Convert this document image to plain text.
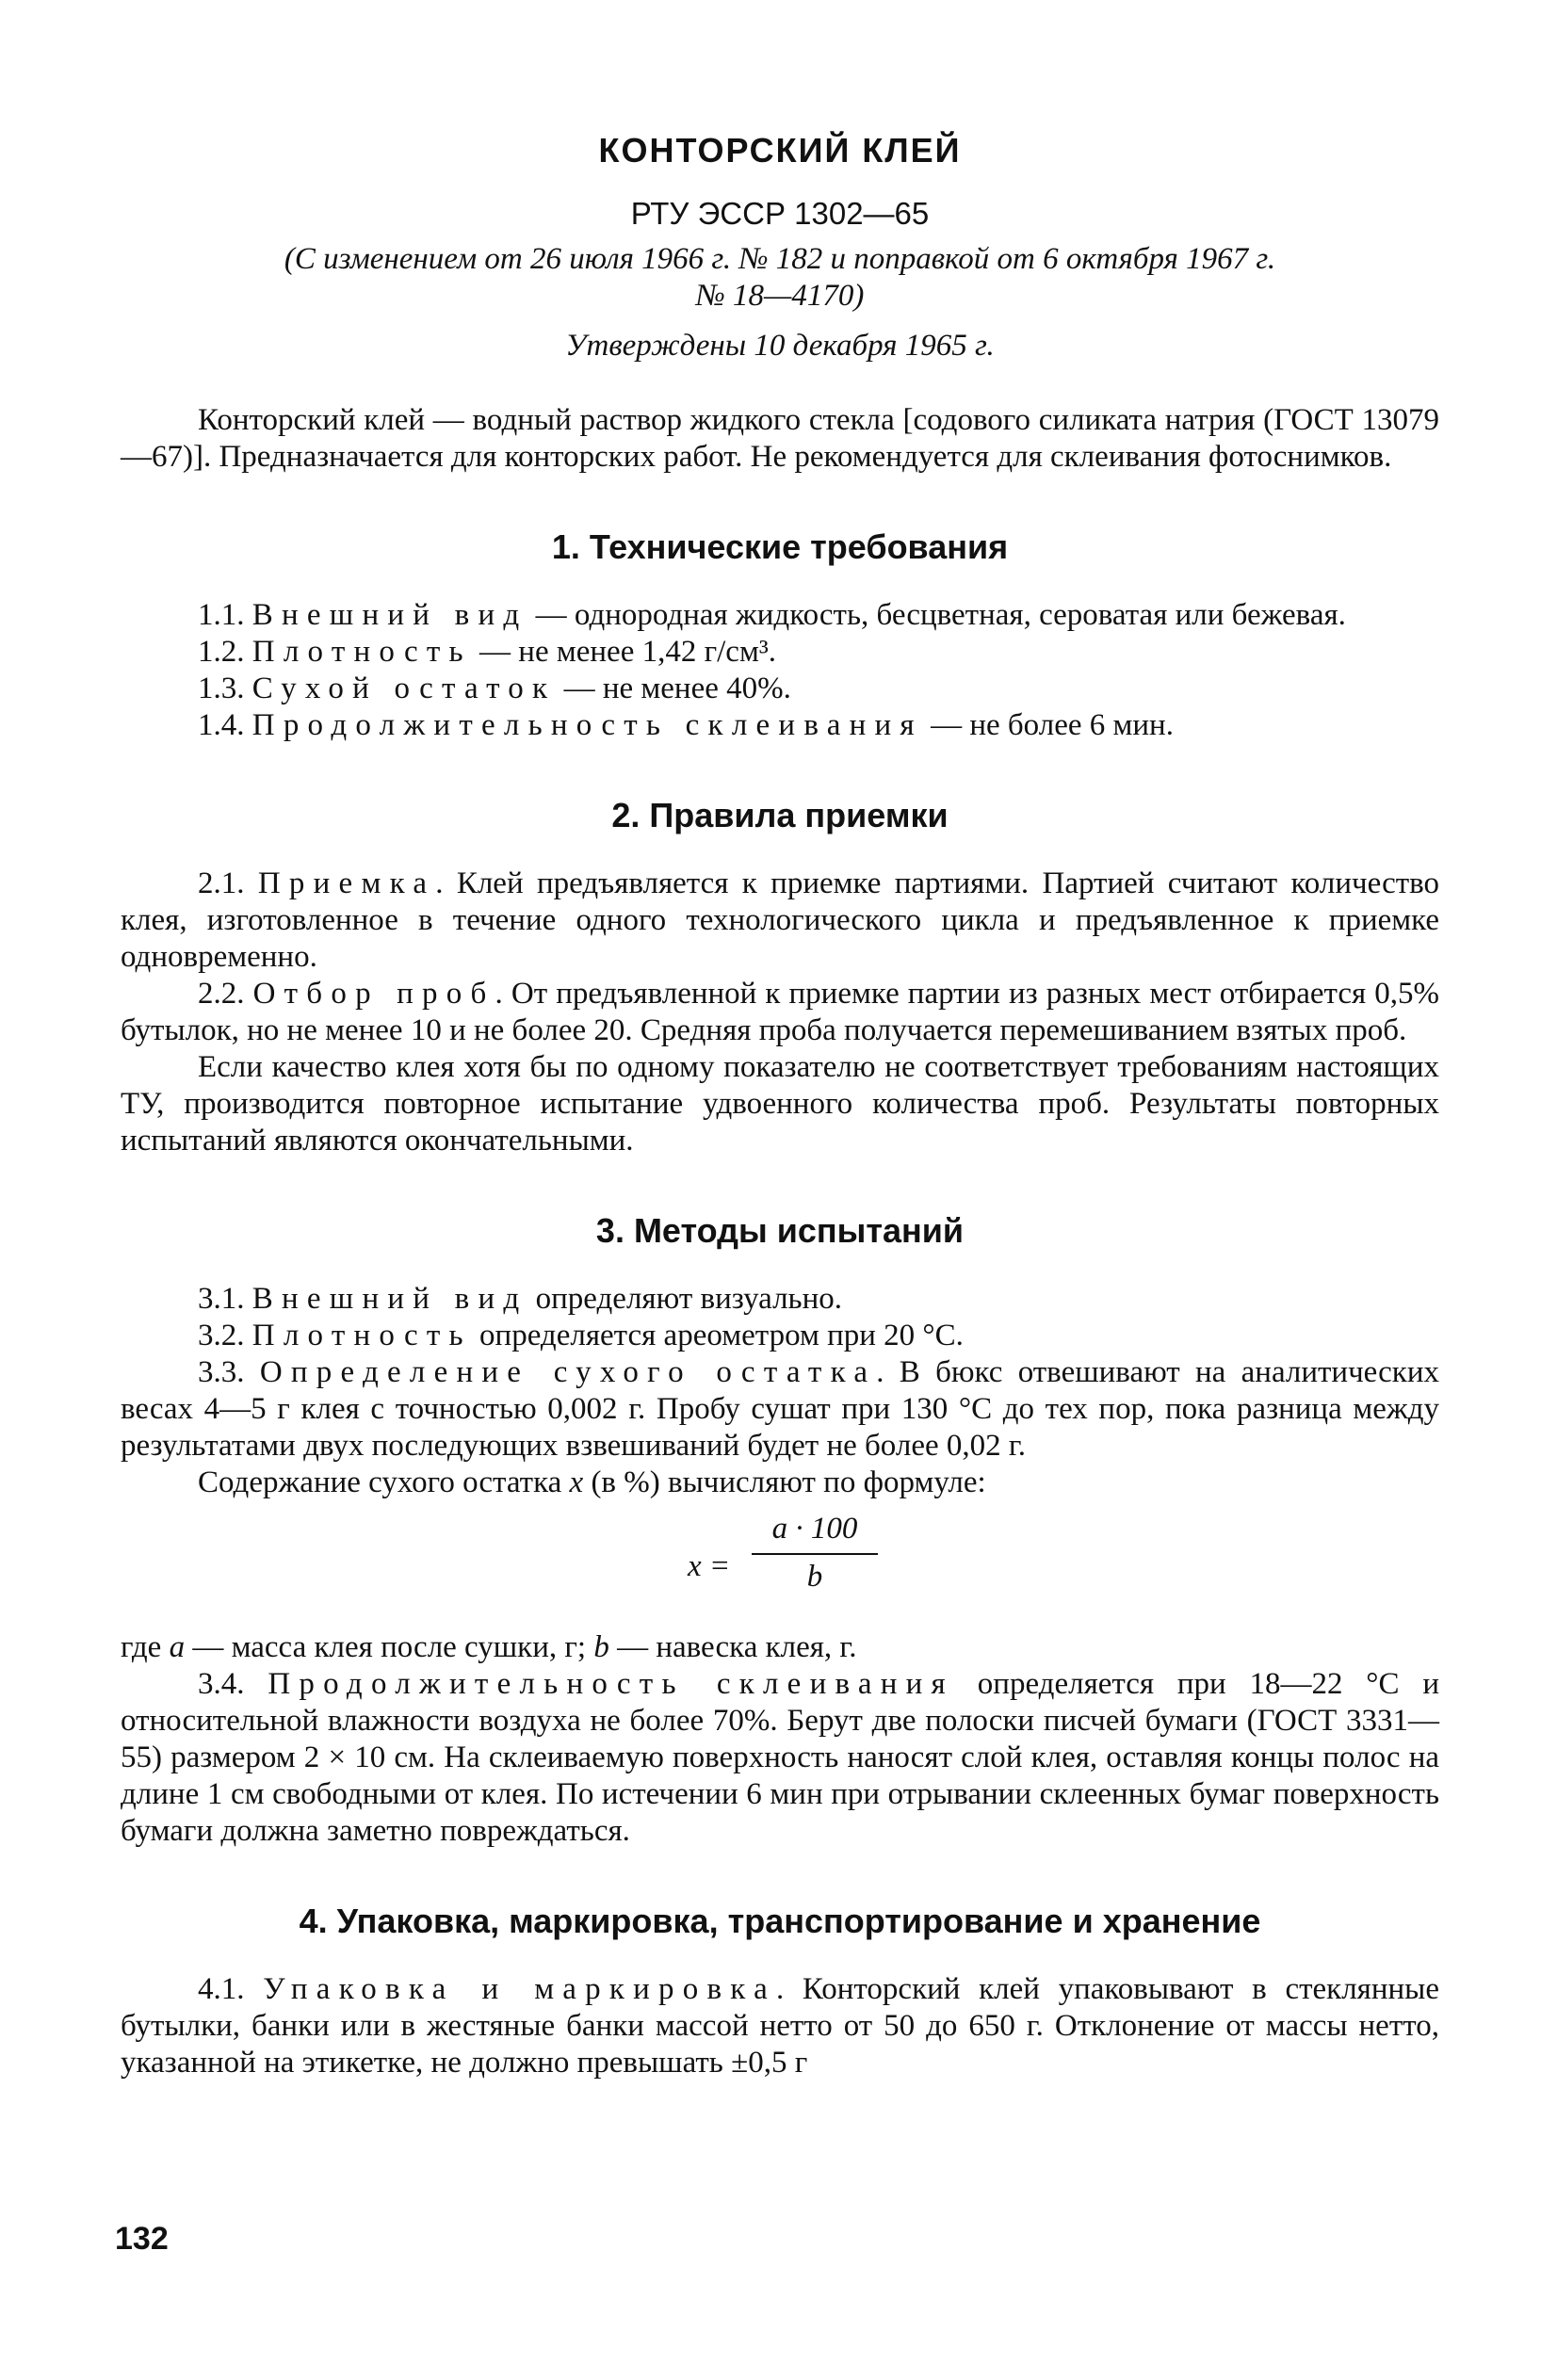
КОНТОРСКИЙ КЛЕЙ
РТУ ЭССР 1302—65
(С изменением от 26 июля 1966 г. № 182 и поправкой от 6 октября 1967 г.
№ 18—4170)
Утверждены 10 декабря 1965 г.

Конторский клей — водный раствор жидкого стекла [содового силиката натрия (ГОСТ 13079—67)]. Предназначается для конторских работ. Не рекомендуется для склеивания фотоснимков.

1. Технические требования

1.1. Внешний вид — однородная жидкость, бесцветная, сероватая или бежевая.

1.2. Плотность — не менее 1,42 г/см³.

1.3. Сухой остаток — не менее 40%.

1.4. Продолжительность склеивания — не более 6 мин.

2. Правила приемки

2.1. Приемка. Клей предъявляется к приемке партиями. Партией считают количество клея, изготовленное в течение одного технологического цикла и предъявленное к приемке одновременно.

2.2. Отбор проб. От предъявленной к приемке партии из разных мест отбирается 0,5% бутылок, но не менее 10 и не более 20. Средняя проба получается перемешиванием взятых проб.

Если качество клея хотя бы по одному показателю не соответствует требованиям настоящих ТУ, производится повторное испытание удвоенного количества проб. Результаты повторных испытаний являются окончательными.

3. Методы испытаний

3.1. Внешний вид определяют визуально.

3.2. Плотность определяется ареометром при 20 °С.

3.3. Определение сухого остатка. В бюкс отвешивают на аналитических весах 4—5 г клея с точностью 0,002 г. Пробу сушат при 130 °С до тех пор, пока разница между результатами двух последующих взвешиваний будет не более 0,02 г.

Содержание сухого остатка x (в %) вычисляют по формуле:

x =
a · 100
b

где a — масса клея после сушки, г; b — навеска клея, г.

3.4. Продолжительность склеивания определяется при 18—22 °С и относительной влажности воздуха не более 70%. Берут две полоски писчей бумаги (ГОСТ 3331—55) размером 2 × 10 см. На склеиваемую поверхность наносят слой клея, оставляя концы полос на длине 1 см свободными от клея. По истечении 6 мин при отрывании склеенных бумаг поверхность бумаги должна заметно повреждаться.

4. Упаковка, маркировка, транспортирование и хранение

4.1. Упаковка и маркировка. Конторский клей упаковывают в стеклянные бутылки, банки или в жестяные банки массой нетто от 50 до 650 г. Отклонение от массы нетто, указанной на этикетке, не должно превышать ±0,5 г

132
